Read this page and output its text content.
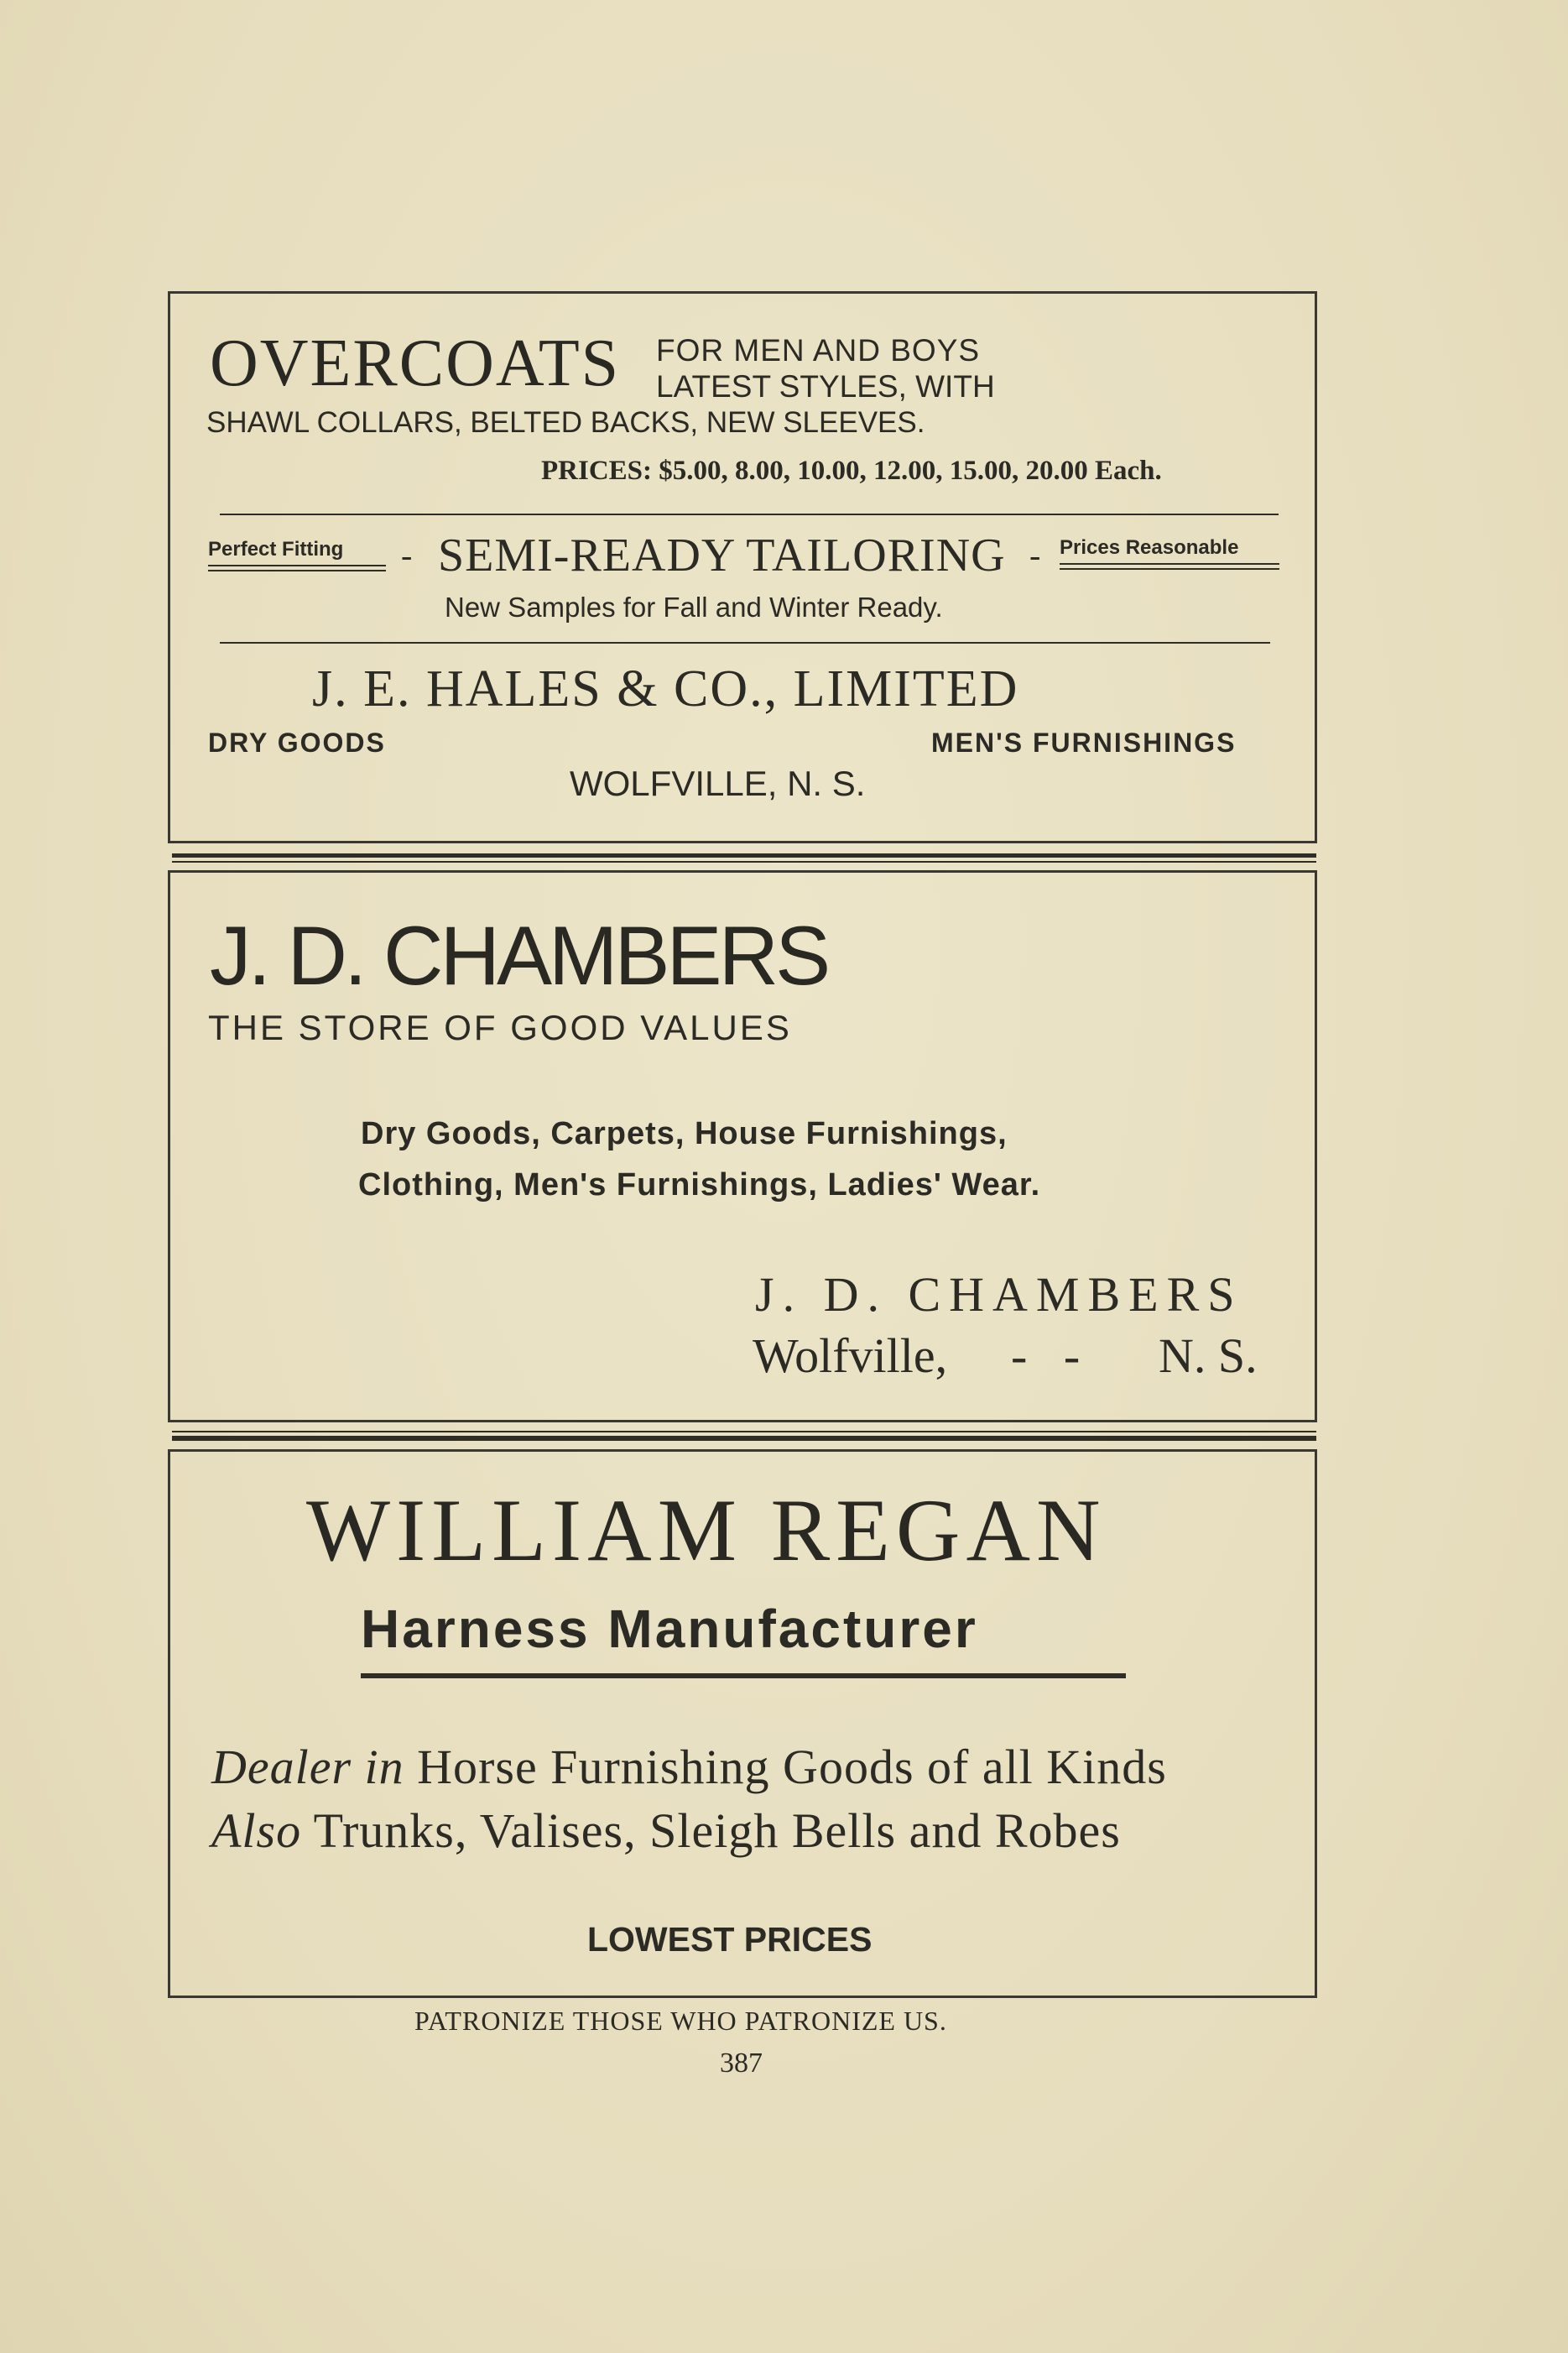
OVERCOATS FOR MEN AND BOYS
LATEST STYLES, WITH
SHAWL COLLARS, BELTED BACKS, NEW SLEEVES.
PRICES: $5.00, 8.00, 10.00, 12.00, 15.00, 20.00 Each.
Perfect Fitting - SEMI-READY TAILORING - Prices Reasonable
New Samples for Fall and Winter Ready.
J. E. HALES & CO., LIMITED
DRY GOODS	MEN'S FURNISHINGS
WOLFVILLE, N. S.
J. D. CHAMBERS
THE STORE OF GOOD VALUES
Dry Goods, Carpets, House Furnishings,
Clothing, Men's Furnishings, Ladies' Wear.
J. D. CHAMBERS
Wolfville, -   - N. S.
WILLIAM REGAN
Harness Manufacturer
Dealer in Horse Furnishing Goods of all Kinds
Also Trunks, Valises, Sleigh Bells and Robes
LOWEST PRICES
PATRONIZE THOSE WHO PATRONIZE US.
387
